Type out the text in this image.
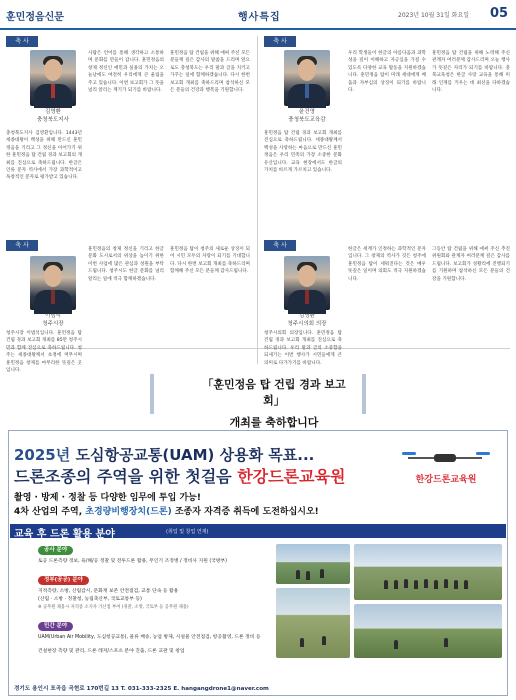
훈민정음신문	행사특집	2023년 10월 31일 화요일 05
축 사
김영환
충청북도지사
충청북도지사 김영환입니다. 1443년 세종대왕이 백성을 위해 만드신 훈민정음을 기리고 그 정신을 이어가기 위한 훈민정음 탑 건립 경과 보고회의 개최를 진심으로 축하드립니다. 한글은 인류 문자 역사에서 가장 과학적이고 독창적인 문자로 평가받고 있습니다.
사람은 언어를 통해 생각하고 소통하며 문화를 만들어 갑니다. 훈민정음의 창제 정신인 애민과 실용의 가치는 오늘날에도 여전히 우리에게 큰 울림을 주고 있습니다. 이번 보고회가 그 뜻을 널리 알리는 계기가 되기를 바랍니다.
훈민정음 탑 건립을 위해 애써 주신 모든 분들께 깊은 감사의 말씀을 드리며 앞으로도 충청북도는 우리 말과 글을 지키고 가꾸는 일에 함께하겠습니다. 다시 한번 보고회 개최를 축하드리며 참석하신 모든 분들의 건강과 행복을 기원합니다.
축 사
윤건영
충청북도교육감
훈민정음 탑 건립 경과 보고회 개최를 진심으로 축하드립니다. 세종대왕께서 백성을 사랑하는 마음으로 만드신 훈민정음은 우리 민족의 가장 소중한 문화유산입니다. 교육 현장에서도 한글의 가치를 바르게 가르치고 있습니다.
우리 학생들이 한글의 아름다움과 과학성을 깊이 이해하고 자긍심을 가질 수 있도록 다양한 교육 활동을 지원하겠습니다. 훈민정음 탑이 미래 세대에게 배움과 자부심의 상징이 되기를 바랍니다.
훈민정음 탑 건립을 위해 노력해 주신 관계자 여러분께 감사드리며 오늘 행사가 뜻깊은 자리가 되기를 바랍니다. 충북교육청은 한글 사랑 교육을 통해 미래 인재를 키우는 데 최선을 다하겠습니다.
축 사
이범석
청주시장
청주시장 이범석입니다. 훈민정음 탑 건립 경과 보고회 개최를 85만 청주시민과 함께 진심으로 축하드립니다. 청주는 세종대왕께서 초정에 머무시며 훈민정음 창제를 마무리한 뜻깊은 곳입니다.
훈민정음의 창제 정신을 기리고 한글문화 도시로서의 위상을 높이기 위한 이번 사업에 많은 관심과 성원을 부탁드립니다. 청주시도 한글 문화를 널리 알리는 일에 적극 함께하겠습니다.
훈민정음 탑이 청주의 새로운 상징이 되어 시민 모두의 자랑이 되기를 기대합니다. 다시 한번 보고회 개최를 축하드리며 함께해 주신 모든 분들께 감사드립니다.
축 사
김영환
청주시의회 의장
청주시의회 의장입니다. 훈민정음 탑 건립 경과 보고회 개최를 진심으로 축하드립니다. 우리 말과 글의 소중함을 되새기는 이번 행사가 시민들에게 큰 의미로 다가가기를 바랍니다.
한글은 세계가 인정하는 과학적인 문자입니다. 그 창제의 역사가 깃든 청주에 훈민정음 탑이 세워진다는 것은 매우 뜻깊은 일이며 의회도 적극 지원하겠습니다.
그동안 탑 건립을 위해 애써 주신 추진위원회와 관계자 여러분께 깊은 감사를 드립니다. 보고회가 성황리에 진행되기를 기원하며 참석하신 모든 분들의 건강을 기원합니다.
「훈민정음 탑 건립 경과 보고회」
개최를 축하합니다
2025년 도심항공교통(UAM) 상용화 목표...
드론조종의 주역을 위한 첫걸음 한강드론교육원	한강드론교육원
촬영 · 방제 · 정찰 등 다양한 임무에 투입 가능!
4차 산업의 주역, 초경량비행장치(드론) 조종자 자격증 취득에 도전하십시오!
교육 후 드론 활용 분야	(취업 및 창업 연계)
공사 분야
토공 드론측량 정보, 육/해/공 정찰 및 전투드론 활용, 무인기 조정병 / 정비사 지원 (국방부)
정부(공공) 분야
지적측량, 소방, 산림감시, 문화재 보존 안전점검, 교통 단속 등 활용
(산림 · 소방 · 정찰청, 농림축산부, 국토교통부 등)
※ 공무원 채용시 자격증 소지자 가산점 부여 (경찰, 소방, 국토부 등 공무원 채용)
민간 분야
UAM(Urban Air Mobility, 도심항공교통), 물류 배송, 농업 방제, 시설물 안전점검, 항공촬영, 드론 정비 등
건설현장 측량 및 관리, 드론 레저/스포츠 분야 진출, 드론 교관 및 창업
경기도 용인시 포곡읍 곡현로 170번길 13 T. 031-333-2325 E. hangangdrone1@naver.com
